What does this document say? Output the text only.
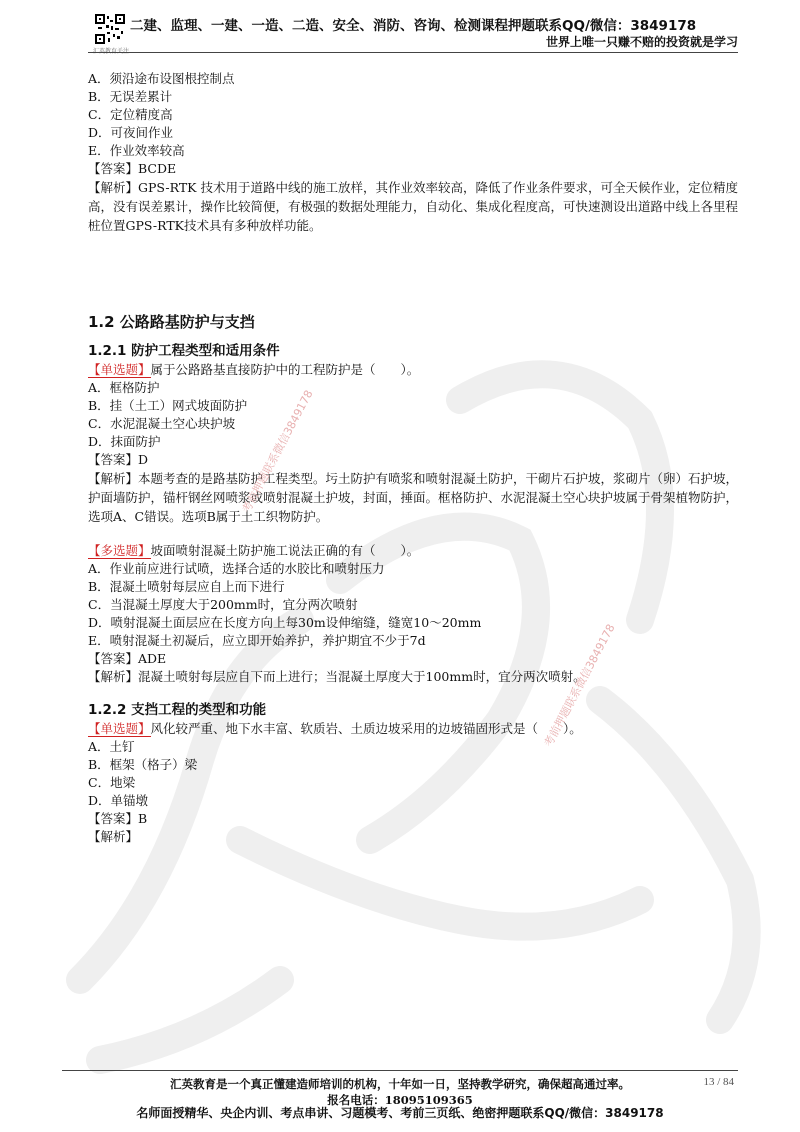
汇英教育关注
二建、监理、一建、一造、二造、安全、消防、咨询、检测课程押题联系QQ/微信：3849178
世界上唯一只赚不赔的投资就是学习
A．须沿途布设图根控制点
B．无误差累计
C．定位精度高
D．可夜间作业
E．作业效率较高
【答案】BCDE
【解析】GPS-RTK 技术用于道路中线的施工放样，其作业效率较高，降低了作业条件要求，可全天候作业，定位精度高，没有误差累计，操作比较简便，有极强的数据处理能力，自动化、集成化程度高，可快速测设出道路中线上各里程桩位置GPS-RTK技术具有多种放样功能。
1.2 公路路基防护与支挡
1.2.1 防护工程类型和适用条件
【单选题】属于公路路基直接防护中的工程防护是（　　）。
A．框格防护
B．挂（土工）网式坡面防护
C．水泥混凝土空心块护坡
D．抹面防护
【答案】D
【解析】本题考查的是路基防护工程类型。圬土防护有喷浆和喷射混凝土防护，干砌片石护坡，浆砌片（卵）石护坡，护面墙防护，锚杆钢丝网喷浆或喷射混凝土护坡，封面，捶面。框格防护、水泥混凝土空心块护坡属于骨架植物防护，选项A、C错误。选项B属于土工织物防护。
【多选题】坡面喷射混凝土防护施工说法正确的有（　　）。
A．作业前应进行试喷，选择合适的水胶比和喷射压力
B．混凝土喷射每层应自上而下进行
C．当混凝土厚度大于200mm时，宜分两次喷射
D．喷射混凝土面层应在长度方向上每30m设伸缩缝，缝宽10～20mm
E．喷射混凝土初凝后，应立即开始养护，养护期宜不少于7d
【答案】ADE
【解析】混凝土喷射每层应自下而上进行；当混凝土厚度大于100mm时，宜分两次喷射。
1.2.2 支挡工程的类型和功能
【单选题】风化较严重、地下水丰富、软质岩、土质边坡采用的边坡锚固形式是（　　）。
A．土钉
B．框架（格子）梁
C．地梁
D．单锚墩
【答案】B
【解析】
考前押题联系微信3849178
考前押题联系微信3849178
汇英教育是一个真正懂建造师培训的机构，十年如一日，坚持教学研究，确保超高通过率。
报名电话：18095109365
名师面授精华、央企内训、考点串讲、习题模考、考前三页纸、绝密押题联系QQ/微信：3849178
13 / 84
